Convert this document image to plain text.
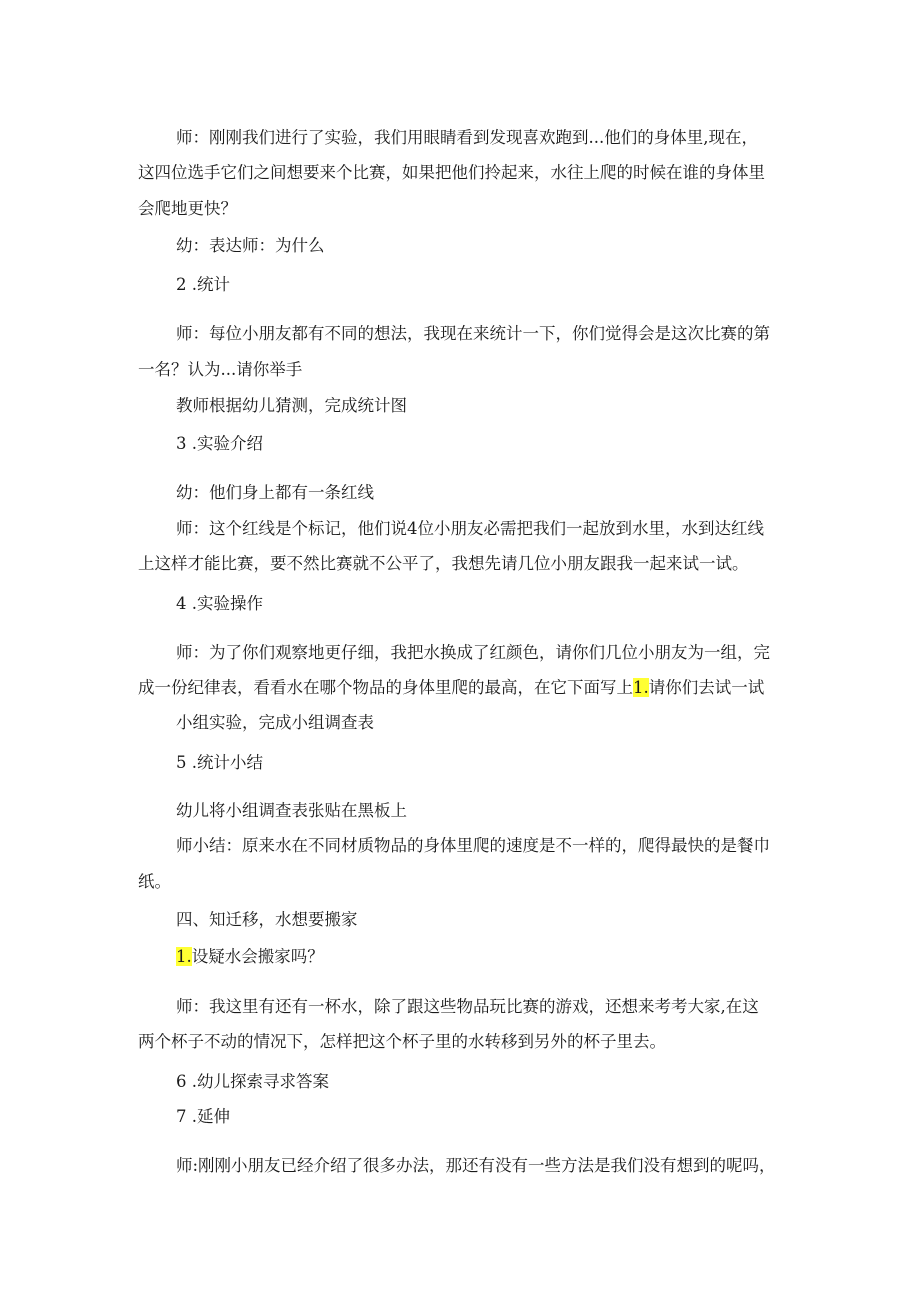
师：刚刚我们进行了实验，我们用眼睛看到发现喜欢跑到...他们的身体里,现在，
这四位选手它们之间想要来个比赛，如果把他们拎起来，水往上爬的时候在谁的身体里
会爬地更快？
幼：表达师：为什么
2 .统计
师：每位小朋友都有不同的想法，我现在来统计一下，你们觉得会是这次比赛的第
一名？认为...请你举手
教师根据幼儿猜测，完成统计图
3 .实验介绍
幼：他们身上都有一条红线
师：这个红线是个标记，他们说4位小朋友必需把我们一起放到水里，水到达红线
上这样才能比赛，要不然比赛就不公平了，我想先请几位小朋友跟我一起来试一试。
4 .实验操作
师：为了你们观察地更仔细，我把水换成了红颜色，请你们几位小朋友为一组，完
成一份纪律表，看看水在哪个物品的身体里爬的最高，在它下面写上1.请你们去试一试
小组实验，完成小组调查表
5 .统计小结
幼儿将小组调查表张贴在黑板上
师小结：原来水在不同材质物品的身体里爬的速度是不一样的，爬得最快的是餐巾
纸。
四、知迁移，水想要搬家
1.设疑水会搬家吗？
师：我这里有还有一杯水，除了跟这些物品玩比赛的游戏，还想来考考大家,在这
两个杯子不动的情况下，怎样把这个杯子里的水转移到另外的杯子里去。
6 .幼儿探索寻求答案
7 .延伸
师:刚刚小朋友已经介绍了很多办法，那还有没有一些方法是我们没有想到的呢吗，
